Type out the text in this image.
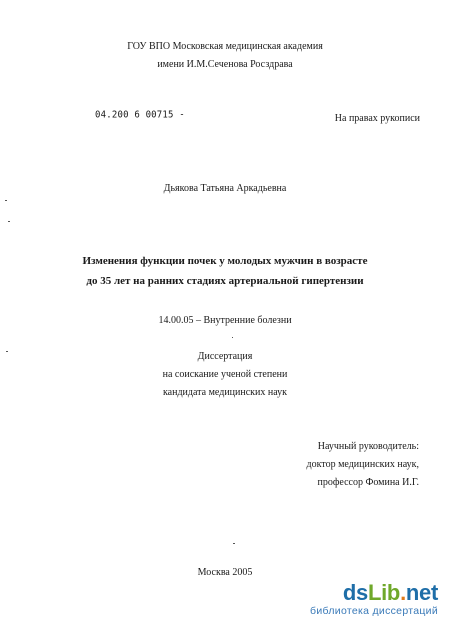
ГОУ ВПО Московская медицинская академия
имени И.М.Сеченова Росздрава
04.200 6 00715 -	На правах рукописи
Дьякова Татьяна Аркадьевна
Изменения функции почек у молодых мужчин в возрасте
до 35 лет на ранних стадиях артериальной гипертензии
14.00.05 – Внутренние болезни
Диссертация
на соискание ученой степени
кандидата медицинских наук
Научный руководитель:
доктор медицинских наук,
профессор Фомина И.Г.
Москва 2005
dsLib.net
библиотека диссертаций
